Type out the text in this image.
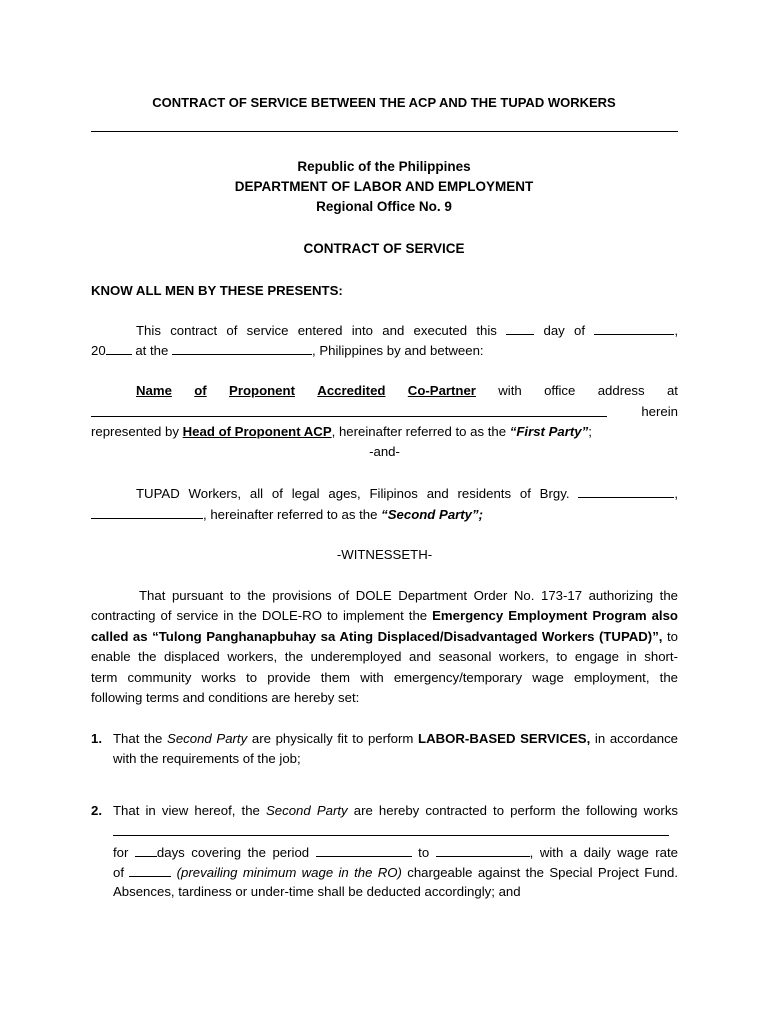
CONTRACT OF SERVICE BETWEEN THE ACP AND THE TUPAD WORKERS
Republic of the Philippines
DEPARTMENT OF LABOR AND EMPLOYMENT
Regional Office No. 9
CONTRACT OF SERVICE
KNOW ALL MEN BY THESE PRESENTS:
This contract of service entered into and executed this	day of	,
20 at the	, Philippines by and between:
Name of Proponent Accredited Co-Partner with office address at
herein
represented by Head of Proponent ACP, hereinafter referred to as the “First Party”;
-and-
TUPAD Workers, all of legal ages, Filipinos and residents of Brgy.	,
, hereinafter referred to as the “Second Party”;
-WITNESSETH-
That pursuant to the provisions of DOLE Department Order No. 173-17 authorizing the
contracting of service in the DOLE-RO to implement the Emergency Employment Program also
called as “Tulong Panghanapbuhay sa Ating Displaced/Disadvantaged Workers (TUPAD)”, to
enable the displaced workers, the underemployed and seasonal workers, to engage in short-
term community works to provide them with emergency/temporary wage employment, the
following terms and conditions are hereby set:
1. That the Second Party are physically fit to perform LABOR-BASED SERVICES, in accordance
with the requirements of the job;
2. That in view hereof, the Second Party are hereby contracted to perform the following works
for days covering the period	to	, with a daily wage rate
of	(prevailing minimum wage in the RO) chargeable against the Special Project Fund.
Absences, tardiness or under-time shall be deducted accordingly; and
